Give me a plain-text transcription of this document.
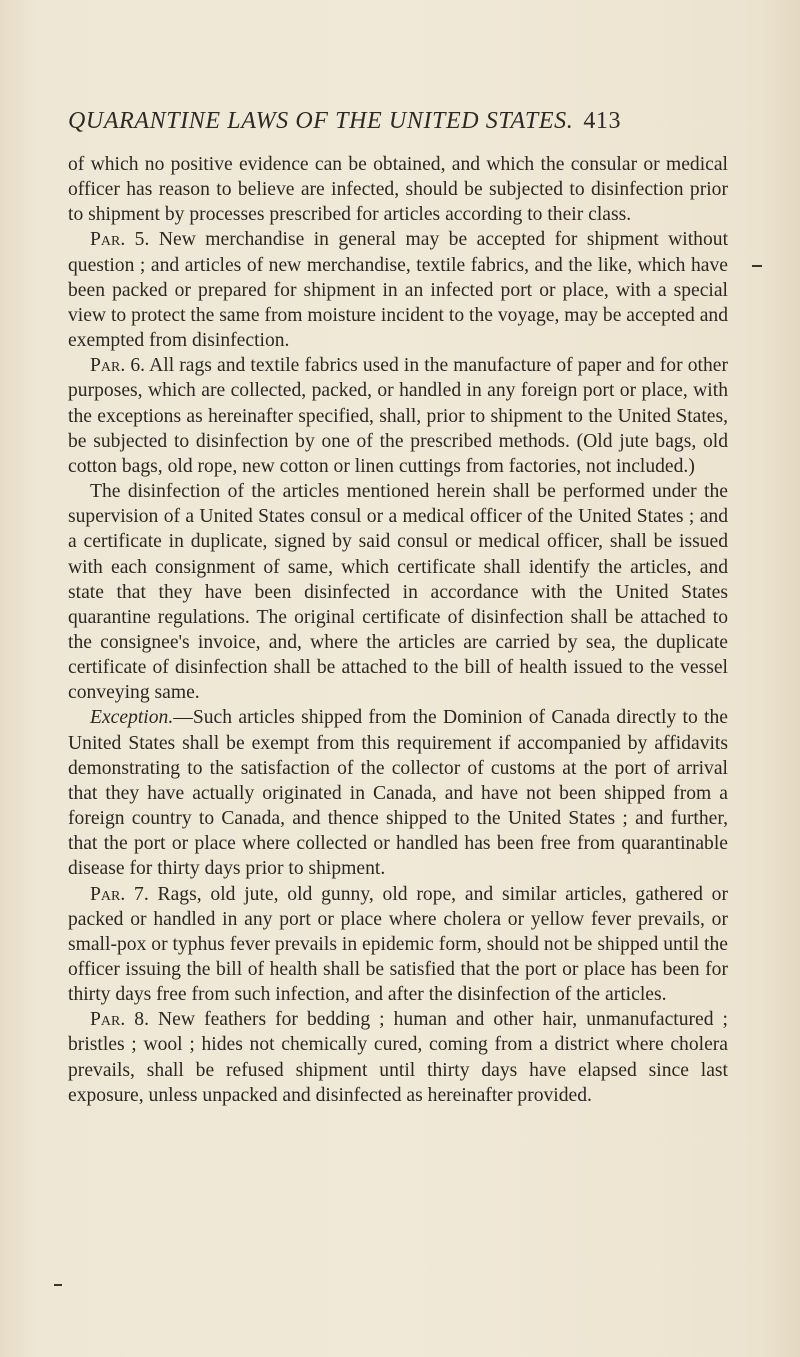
QUARANTINE LAWS OF THE UNITED STATES. 413

of which no positive evidence can be obtained, and which the consular or medical officer has reason to believe are infected, should be subjected to disinfection prior to shipment by processes prescribed for articles according to their class.

Par. 5. New merchandise in general may be accepted for shipment without question ; and articles of new merchandise, textile fabrics, and the like, which have been packed or prepared for shipment in an infected port or place, with a special view to protect the same from moisture incident to the voyage, may be accepted and exempted from disinfection.

Par. 6. All rags and textile fabrics used in the manufacture of paper and for other purposes, which are collected, packed, or handled in any foreign port or place, with the exceptions as hereinafter specified, shall, prior to shipment to the United States, be subjected to disinfection by one of the prescribed methods. (Old jute bags, old cotton bags, old rope, new cotton or linen cuttings from factories, not included.)

The disinfection of the articles mentioned herein shall be performed under the supervision of a United States consul or a medical officer of the United States ; and a certificate in duplicate, signed by said consul or medical officer, shall be issued with each consignment of same, which certificate shall identify the articles, and state that they have been disinfected in accordance with the United States quarantine regulations. The original certificate of disinfection shall be attached to the consignee's invoice, and, where the articles are carried by sea, the duplicate certificate of disinfection shall be attached to the bill of health issued to the vessel conveying same.

Exception.—Such articles shipped from the Dominion of Canada directly to the United States shall be exempt from this requirement if accompanied by affidavits demonstrating to the satisfaction of the collector of customs at the port of arrival that they have actually originated in Canada, and have not been shipped from a foreign country to Canada, and thence shipped to the United States ; and further, that the port or place where collected or handled has been free from quarantinable disease for thirty days prior to shipment.

Par. 7. Rags, old jute, old gunny, old rope, and similar articles, gathered or packed or handled in any port or place where cholera or yellow fever prevails, or small-pox or typhus fever prevails in epidemic form, should not be shipped until the officer issuing the bill of health shall be satisfied that the port or place has been for thirty days free from such infection, and after the disinfection of the articles.

Par. 8. New feathers for bedding ; human and other hair, unmanufactured ; bristles ; wool ; hides not chemically cured, coming from a district where cholera prevails, shall be refused shipment until thirty days have elapsed since last exposure, unless unpacked and disinfected as hereinafter provided.
